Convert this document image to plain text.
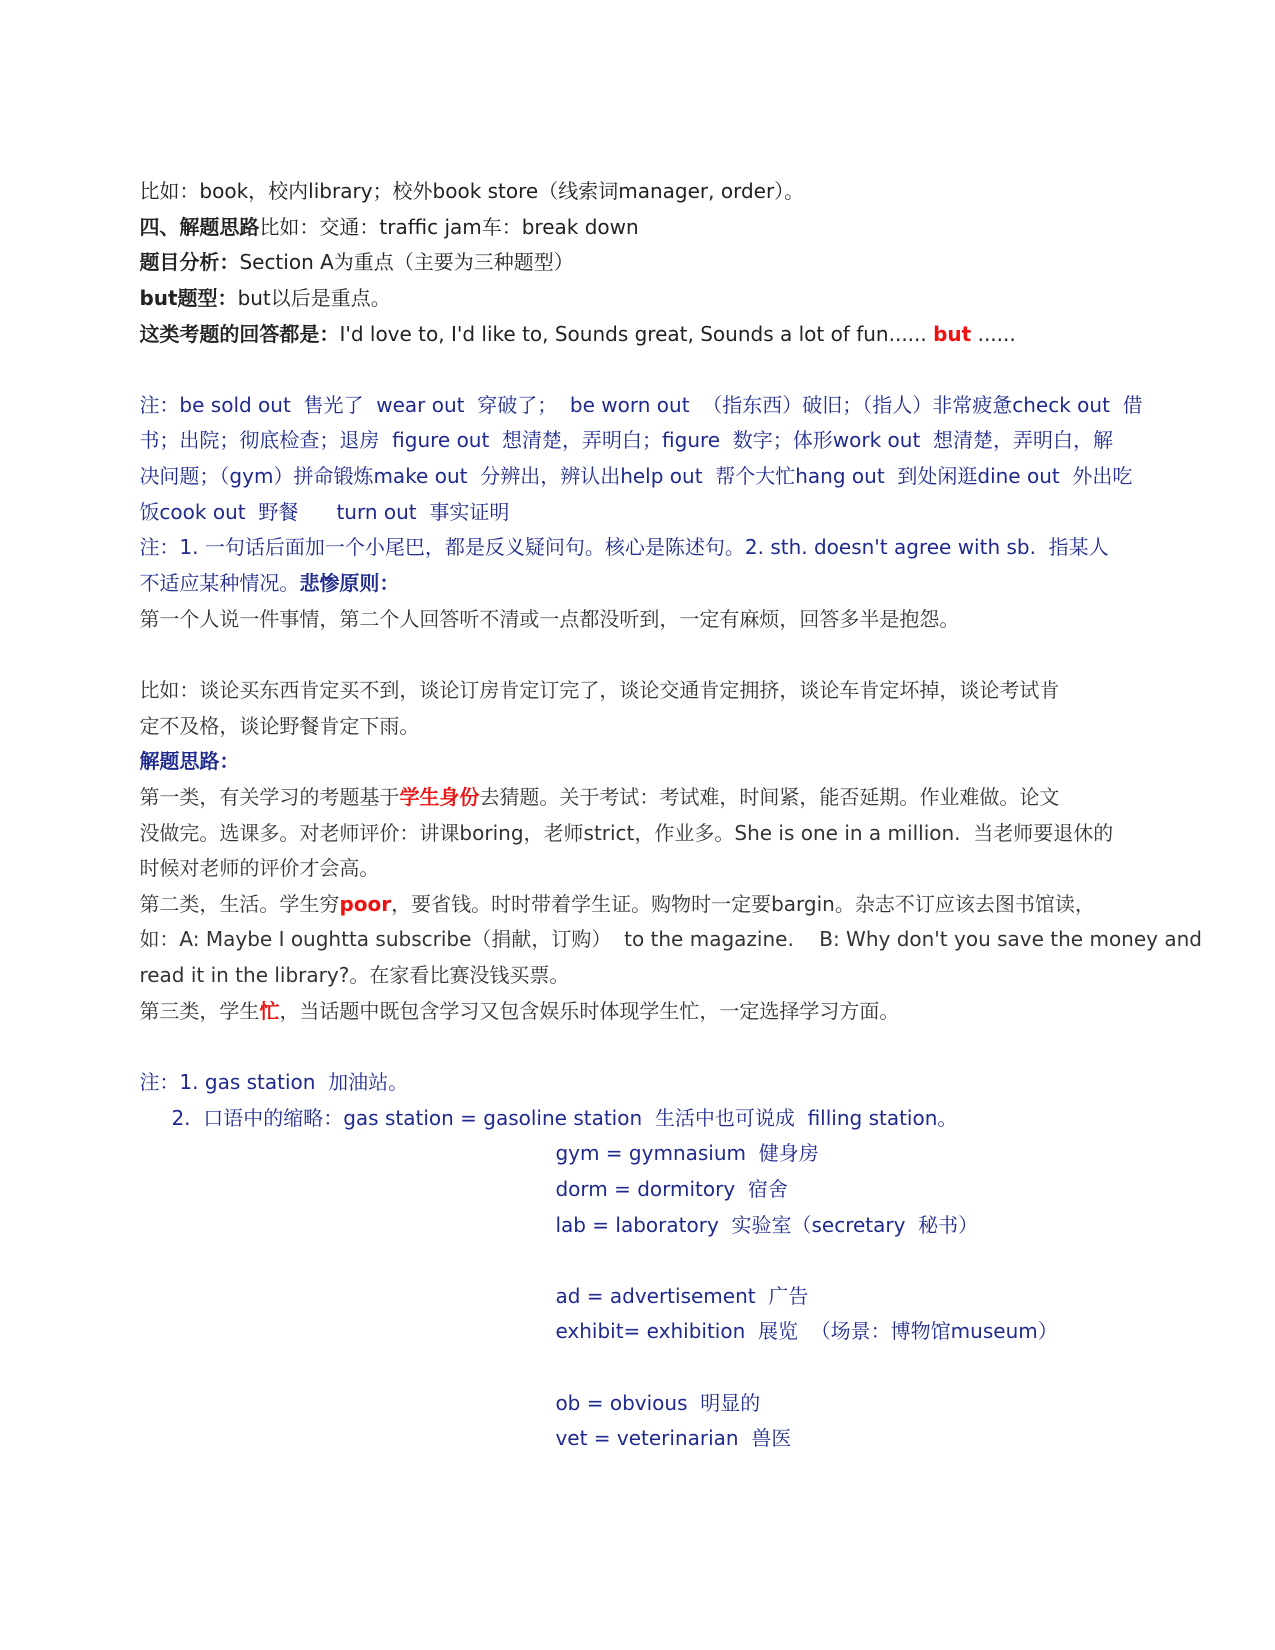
比如：book，校内library；校外book store（线索词manager, order）。

四、解题思路比如：交通：traffic jam车：break down

题目分析：Section A为重点（主要为三种题型）

but题型：but以后是重点。

这类考题的回答都是：I'd love to, I'd like to, Sounds great, Sounds a lot of fun...... but ......

注：be sold out  售光了  wear out  穿破了；  be worn out  （指东西）破旧；（指人）非常疲惫check out  借

书；出院；彻底检查；退房  figure out  想清楚，弄明白；figure  数字；体形work out  想清楚，弄明白，解

决问题；（gym）拼命锻炼make out  分辨出，辨认出help out  帮个大忙hang out  到处闲逛dine out  外出吃

饭cook out  野餐      turn out  事实证明

注：1. 一句话后面加一个小尾巴，都是反义疑问句。核心是陈述句。2. sth. doesn't agree with sb.  指某人

不适应某种情况。悲惨原则：

第一个人说一件事情，第二个人回答听不清或一点都没听到，一定有麻烦，回答多半是抱怨。

比如：谈论买东西肯定买不到，谈论订房肯定订完了，谈论交通肯定拥挤，谈论车肯定坏掉，谈论考试肯

定不及格，谈论野餐肯定下雨。

解题思路：

第一类，有关学习的考题基于学生身份去猜题。关于考试：考试难，时间紧，能否延期。作业难做。论文

没做完。选课多。对老师评价：讲课boring，老师strict，作业多。She is one in a million.  当老师要退休的

时候对老师的评价才会高。

第二类，生活。学生穷poor，要省钱。时时带着学生证。购物时一定要bargin。杂志不订应该去图书馆读，

如：A: Maybe I oughtta subscribe（捐献，订购）  to the magazine.    B: Why don't you save the money and

read it in the library?。在家看比赛没钱买票。

第三类，学生忙，当话题中既包含学习又包含娱乐时体现学生忙，一定选择学习方面。

注：1. gas station  加油站。

2.  口语中的缩略：gas station = gasoline station  生活中也可说成  filling station。

gym = gymnasium  健身房

dorm = dormitory  宿舍

lab = laboratory  实验室（secretary  秘书）

ad = advertisement  广告

exhibit= exhibition  展览  （场景：博物馆museum）

ob = obvious  明显的

vet = veterinarian  兽医
